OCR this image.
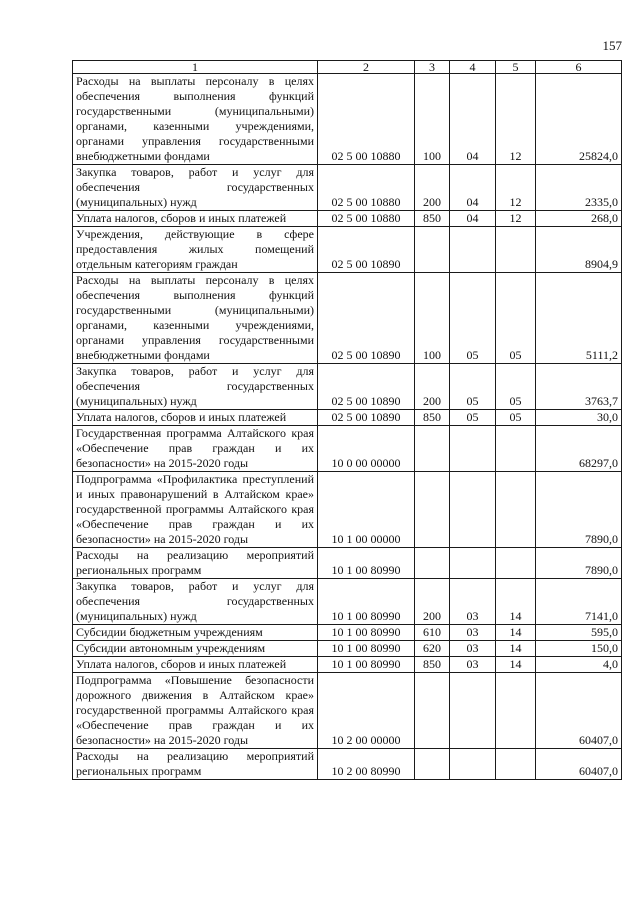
157
1	2	3	4	5	6
Расходы на выплаты персоналу в целях обеспечения выполнения функций государственными (муниципальными) органами, казенными учреждениями, органами управления государственными внебюджетными фондами	02 5 00 10880	100	04	12	25824,0
Закупка товаров, работ и услуг для обеспечения государственных (муниципальных) нужд	02 5 00 10880	200	04	12	2335,0
Уплата налогов, сборов и иных платежей	02 5 00 10880	850	04	12	268,0
Учреждения, действующие в сфере предоставления жилых помещений отдельным категориям граждан	02 5 00 10890				8904,9
Расходы на выплаты персоналу в целях обеспечения выполнения функций государственными (муниципальными) органами, казенными учреждениями, органами управления государственными внебюджетными фондами	02 5 00 10890	100	05	05	5111,2
Закупка товаров, работ и услуг для обеспечения государственных (муниципальных) нужд	02 5 00 10890	200	05	05	3763,7
Уплата налогов, сборов и иных платежей	02 5 00 10890	850	05	05	30,0
Государственная программа Алтайского края «Обеспечение прав граждан и их безопасности» на 2015-2020 годы	10 0 00 00000				68297,0
Подпрограмма «Профилактика преступлений и иных правонарушений в Алтайском крае» государственной программы Алтайского края «Обеспечение прав граждан и их безопасности» на 2015-2020 годы	10 1 00 00000				7890,0
Расходы на реализацию мероприятий региональных программ	10 1 00 80990				7890,0
Закупка товаров, работ и услуг для обеспечения государственных (муниципальных) нужд	10 1 00 80990	200	03	14	7141,0
Субсидии бюджетным учреждениям	10 1 00 80990	610	03	14	595,0
Субсидии автономным учреждениям	10 1 00 80990	620	03	14	150,0
Уплата налогов, сборов и иных платежей	10 1 00 80990	850	03	14	4,0
Подпрограмма «Повышение безопасности дорожного движения в Алтайском крае» государственной программы Алтайского края «Обеспечение прав граждан и их безопасности» на 2015-2020 годы	10 2 00 00000				60407,0
Расходы на реализацию мероприятий региональных программ	10 2 00 80990				60407,0
